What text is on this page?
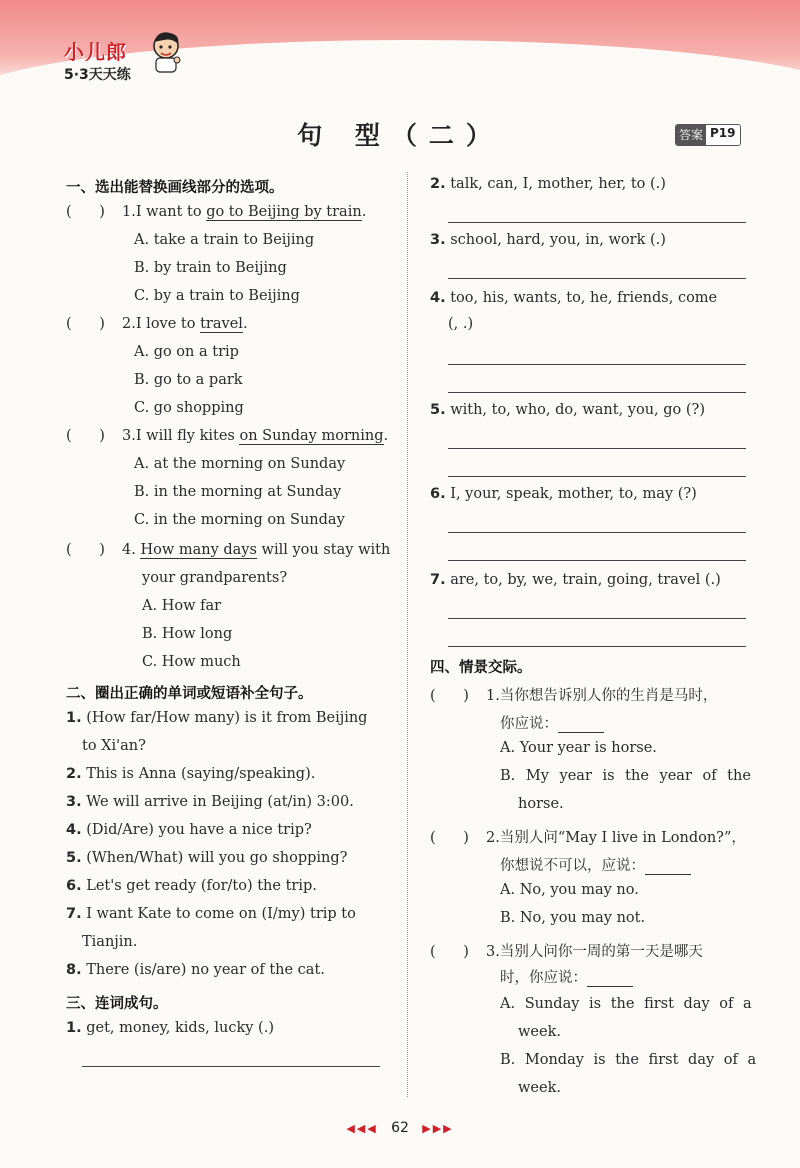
小儿郎
5·3天天练
句 型（二）	答案 P19
一、选出能替换画线部分的选项。
(      ) 1.I want to go to Beijing by train.
A. take a train to Beijing
B. by train to Beijing
C. by a train to Beijing
(      ) 2.I love to travel.
A. go on a trip
B. go to a park
C. go shopping
(      ) 3.I will fly kites on Sunday morning.
A. at the morning on Sunday
B. in the morning at Sunday
C. in the morning on Sunday
(      ) 4. How many days will you stay with
your grandparents?
A. How far
B. How long
C. How much
二、圈出正确的单词或短语补全句子。
1. (How far/How many) is it from Beijing
to Xi'an?
2. This is Anna (saying/speaking).
3. We will arrive in Beijing (at/in) 3:00.
4. (Did/Are) you have a nice trip?
5. (When/What) will you go shopping?
6. Let's get ready (for/to) the trip.
7. I want Kate to come on (I/my) trip to
Tianjin.
8. There (is/are) no year of the cat.
三、连词成句。
1. get, money, kids, lucky (.)
2. talk, can, I, mother, her, to (.)
3. school, hard, you, in, work (.)
4. too, his, wants, to, he, friends, come
(, .)
5. with, to, who, do, want, you, go (?)
6. I, your, speak, mother, to, may (?)
7. are, to, by, we, train, going, travel (.)
四、情景交际。
(      ) 1.当你想告诉别人你的生肖是马时，
你应说：
A. Your year is horse.
B. My year is the year of the
horse.
(      ) 2.当别人问“May I live in London?”，
你想说不可以，应说：
A. No, you may no.
B. No, you may not.
(      ) 3.当别人问你一周的第一天是哪天
时，你应说：
A. Sunday is the first day of a
week.
B. Monday is the first day of a
week.
◀◀◀ 62 ▶▶▶
